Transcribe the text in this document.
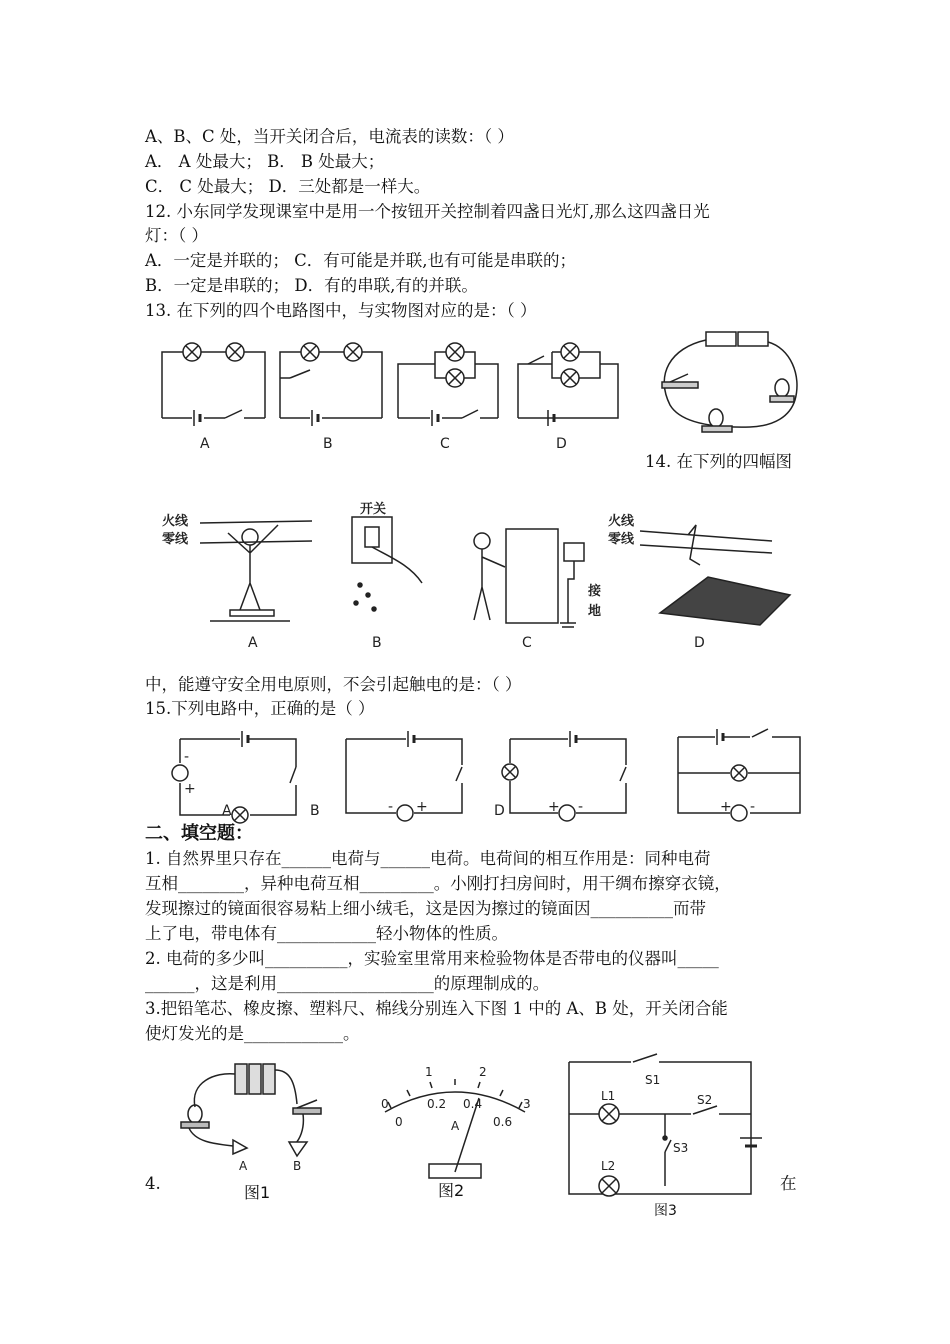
A、B、C 处，当开关闭合后，电流表的读数：（ ）
A． A 处最大； B． B 处最大；
C． C 处最大； D．三处都是一样大。
12. 小东同学发现课室中是用一个按钮开关控制着四盏日光灯,那么这四盏日光
灯：（ ）
A．一定是并联的； C．有可能是并联,也有可能是串联的；
B．一定是串联的； D．有的串联,有的并联。
13. 在下列的四个电路图中，与实物图对应的是：（ ）
A	B	C	D
14. 在下列的四幅图
火线
零线
开关
接
地
火线
零线
A	B	C	D
中，能遵守安全用电原则，不会引起触电的是：（ ）
15.下列电路中，正确的是（ ）
-
+
- +	+ -	+ -
A	B	D
二、填空题：
1. 自然界里只存在______电荷与______电荷。电荷间的相互作用是：同种电荷
互相________，异种电荷互相_________。小刚打扫房间时，用干绸布擦穿衣镜，
发现擦过的镜面很容易粘上细小绒毛，这是因为擦过的镜面因__________而带
上了电，带电体有____________轻小物体的性质。
2. 电荷的多少叫__________，实验室里常用来检验物体是否带电的仪器叫_____
______，这是利用___________________的原理制成的。
3.把铅笔芯、橡皮擦、塑料尺、棉线分别连入下图 1 中的 A、B 处，开关闭合能
使灯发光的是____________。
A	B
0
1	2
3
0
0.2 0.4
0.6
A
S1
L1	S2
S3
L2
4.	图1	图2
图3
在
